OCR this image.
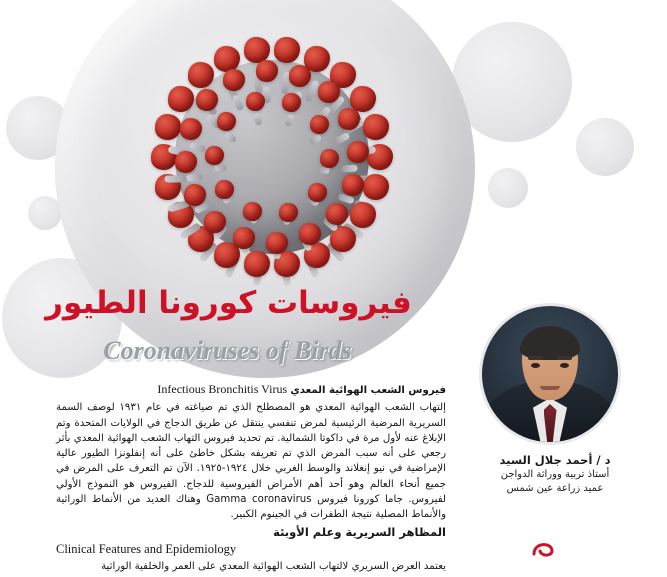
فيروسات كورونا الطيور
Coronaviruses of Birds
د / أحمد جلال السيد
أستاذ تربية ووراثة الدواجن
عميد زراعة عين شمس

فيروس الشعب الهوائية المعدي Infectious Bronchitis Virus

إلتهاب الشعب الهوائية المعدي هو المصطلح الذي تم صياغته في عام ١٩٣١ لوصف السمة السريرية المرضية الرئيسية لمرض تنفسي ينتقل عن طريق الدجاج في الولايات المتحدة وتم الإبلاغ عنه لأول مرة في داكوتا الشمالية. تم تحديد فيروس التهاب الشعب الهوائية المعدي بأثر رجعي على أنه سبب المرض الذي تم تعريفه بشكل خاطئ على أنه إنفلونزا الطيور عالية الإمراضية في نيو إنغلاند والوسط الغربي خلال ١٩٢٤-١٩٢٥. الآن تم التعرف على المرض في جميع أنحاء العالم وهو أحد أهم الأمراض الفيروسية للدجاج. الفيروس هو النموذج الأولي لفيروس. جاما كورونا فيروس Gamma coronavirus وهناك العديد من الأنماط الوراثية والأنماط المصلية نتيجة الطفرات في الجينوم الكبير.

المظاهر السريرية وعلم الأوبئة

Clinical Features and Epidemiology

يعتمد العرض السريري لالتهاب الشعب الهوائية المعدي على العمر والخلفية الوراثية
